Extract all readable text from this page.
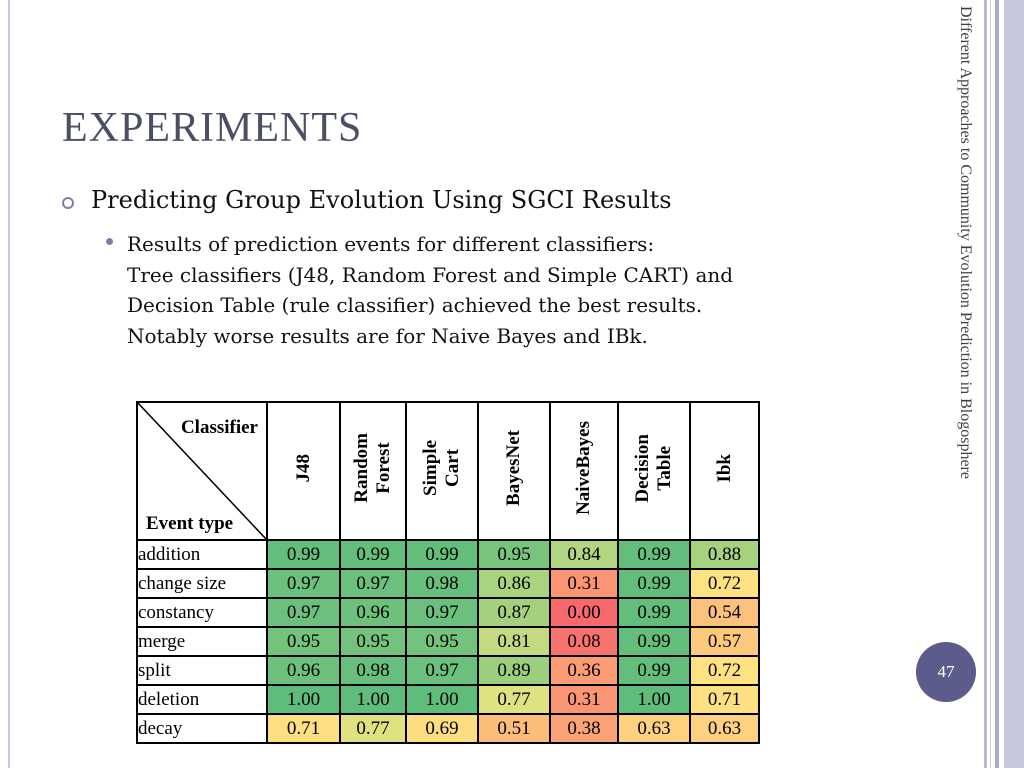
Different Approaches to Community Evolution Prediction in Blogosphere
EXPERIMENTS
Predicting Group Evolution Using SGCI Results
Results of prediction events for different classifiers:
Tree classifiers (J48, Random Forest and Simple CART) and
Decision Table (rule classifier) achieved the best results.
Notably worse results are for Naive Bayes and IBk.
Classifier
Event type	J48	Random Forest	Simple Cart	BayesNet	NaiveBayes	Decision Table	Ibk

addition	0.99	0.99	0.99	0.95	0.84	0.99	0.88
change size	0.97	0.97	0.98	0.86	0.31	0.99	0.72
constancy	0.97	0.96	0.97	0.87	0.00	0.99	0.54
merge	0.95	0.95	0.95	0.81	0.08	0.99	0.57
split	0.96	0.98	0.97	0.89	0.36	0.99	0.72
deletion	1.00	1.00	1.00	0.77	0.31	1.00	0.71
decay	0.71	0.77	0.69	0.51	0.38	0.63	0.63
47
